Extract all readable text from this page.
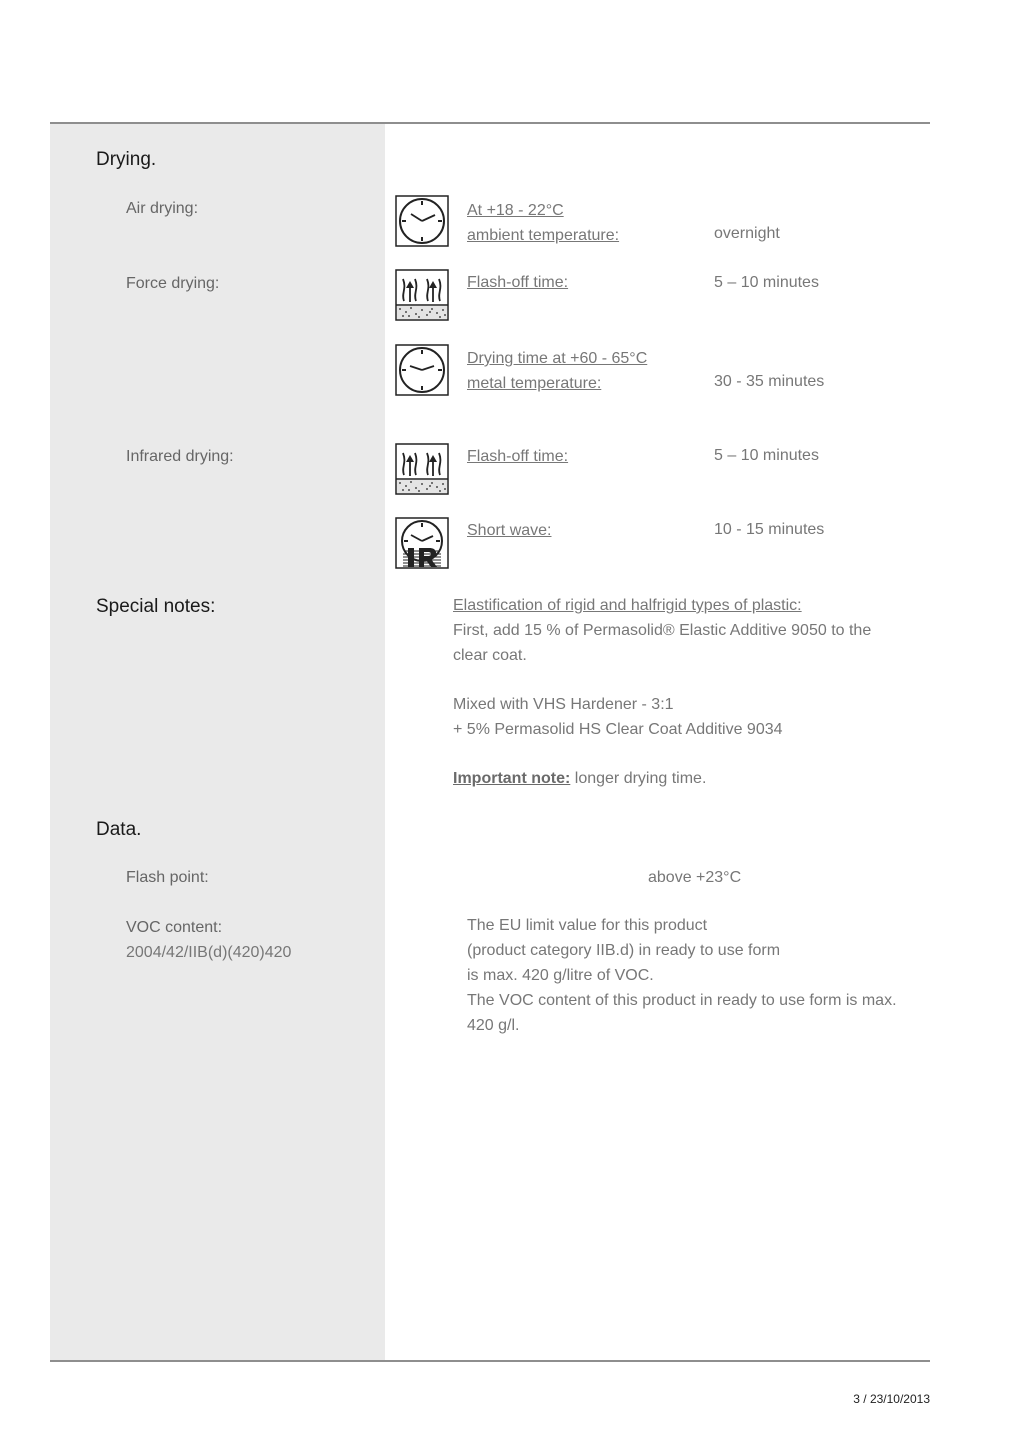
Drying.
Air drying:	At +18 - 22°C
ambient temperature:	overnight
Force drying:	Flash-off time:	5 – 10 minutes
Drying time at +60 - 65°C
metal temperature:	30 - 35 minutes
Infrared drying:	Flash-off time:	5 – 10 minutes
Short wave:	10 - 15 minutes
Special notes:	Elastification of rigid and halfrigid types of plastic:
First, add 15 % of Permasolid® Elastic Additive 9050 to the
clear coat.
Mixed with VHS Hardener - 3:1
+ 5% Permasolid HS Clear Coat Additive 9034
Important note: longer drying time.
Data.
Flash point:	above +23°C
VOC content:
2004/42/IIB(d)(420)420
The EU limit value for this product
(product category IIB.d) in ready to use form
is max. 420 g/litre of VOC.
The VOC content of this product in ready to use form is max.
420 g/l.
3 / 23/10/2013
